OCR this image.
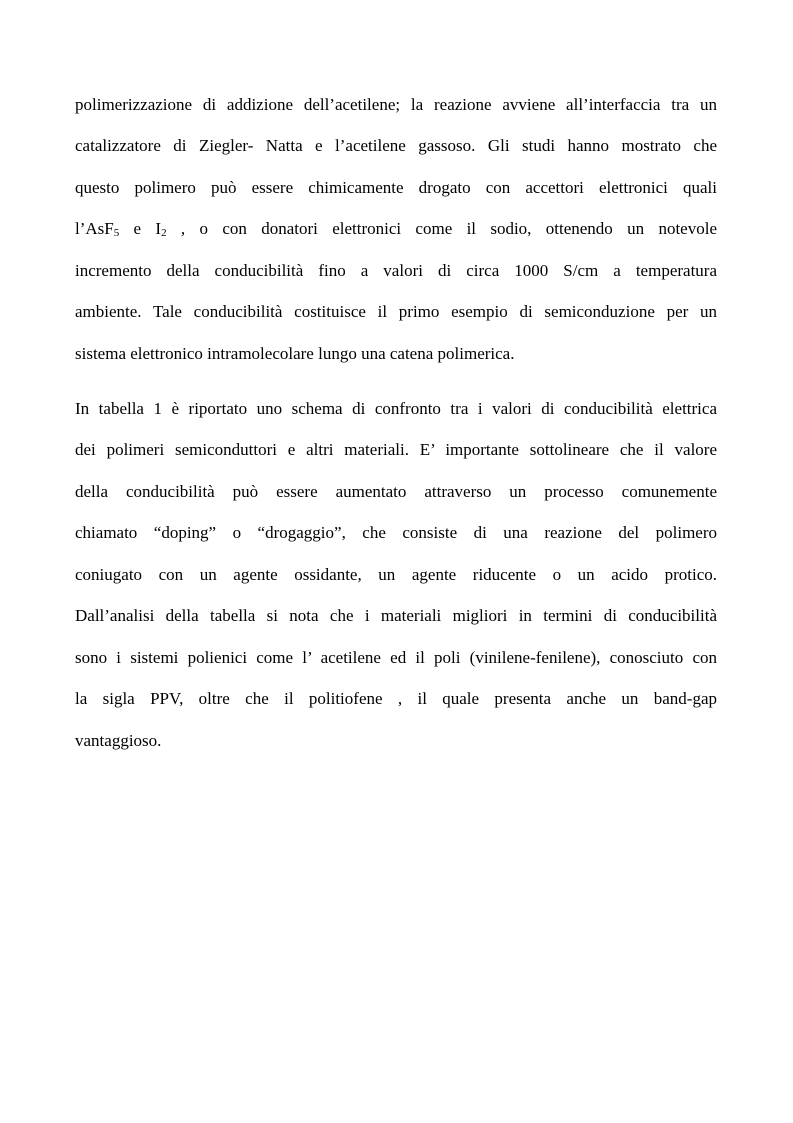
polimerizzazione di addizione dell’acetilene; la reazione avviene all’interfaccia tra un
catalizzatore di Ziegler- Natta e l’acetilene gassoso. Gli studi hanno mostrato che
questo polimero può essere chimicamente drogato con accettori elettronici quali
l’AsF$_5$ e $I_2$ , o con donatori elettronici come il sodio, ottenendo un notevole
incremento della conducibilità fino a valori di circa 1000 S/cm a temperatura
ambiente. Tale conducibilità costituisce il primo esempio di semiconduzione per un
sistema elettronico intramolecolare lungo una catena polimerica.
In tabella 1 è riportato uno schema di confronto tra i valori di conducibilità elettrica
dei polimeri semiconduttori e altri materiali. E’ importante sottolineare che il valore
della conducibilità può essere aumentato attraverso un processo comunemente
chiamato “doping” o “drogaggio”, che consiste di una reazione del polimero
coniugato con un agente ossidante, un agente riducente o un acido protico.
Dall’analisi della tabella si nota che i materiali migliori in termini di conducibilità
sono i sistemi polienici come l’ acetilene ed il poli (vinilene-fenilene), conosciuto con
la sigla PPV, oltre che il politiofene , il quale presenta anche un band-gap
vantaggioso.
